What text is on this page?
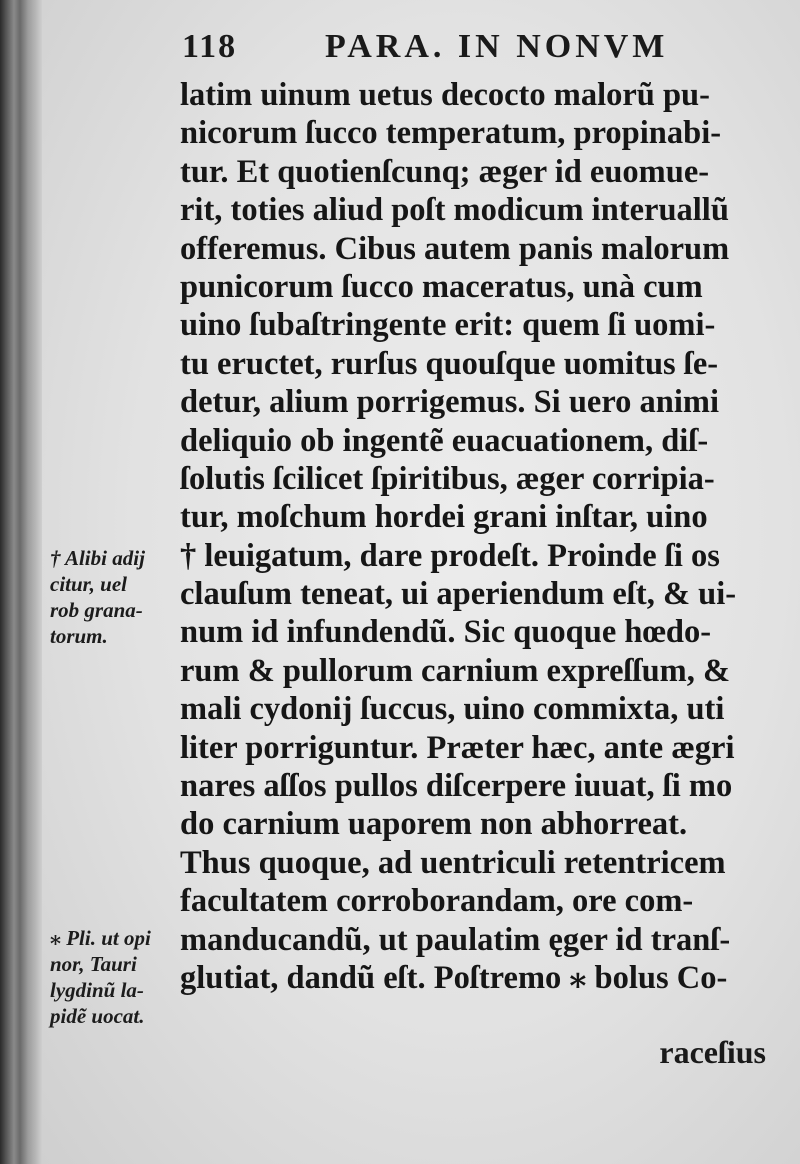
118	PARA. IN NONVM
latim uinum uetus decocto malorũ pu-
nicorum ſucco temperatum, propinabi-
tur. Et quotienſcunq; æger id euomue-
rit, toties aliud poſt modicum interuallũ
offeremus. Cibus autem panis malorum
punicorum ſucco maceratus, unà cum
uino ſubaſtringente erit: quem ſi uomi-
tu eructet, rurſus quouſque uomitus ſe-
detur, alium porrigemus. Si uero animi
deliquio ob ingentẽ euacuationem, diſ-
ſolutis ſcilicet ſpiritibus, æger corripia-
tur, moſchum hordei grani inſtar, uino
† leuigatum, dare prodeſt. Proinde ſi os
clauſum teneat, ui aperiendum eſt, & ui-
num id infundendũ. Sic quoque hœdo-
rum & pullorum carnium expreſſum, &
mali cydonij ſuccus, uino commixta, uti
liter porriguntur. Præter hæc, ante ægri
nares aſſos pullos diſcerpere iuuat, ſi mo
do carnium uaporem non abhorreat.
Thus quoque, ad uentriculi retentricem
facultatem corroborandam, ore com-
manducandũ, ut paulatim ęger id tranſ-
glutiat, dandũ eſt. Poſtremo ⁎ bolus Co-
† Alibi adij
citur, uel
rob grana-
torum.
⁎ Pli. ut opi
nor, Tauri
lygdinũ la-
pidẽ uocat.
raceſius
